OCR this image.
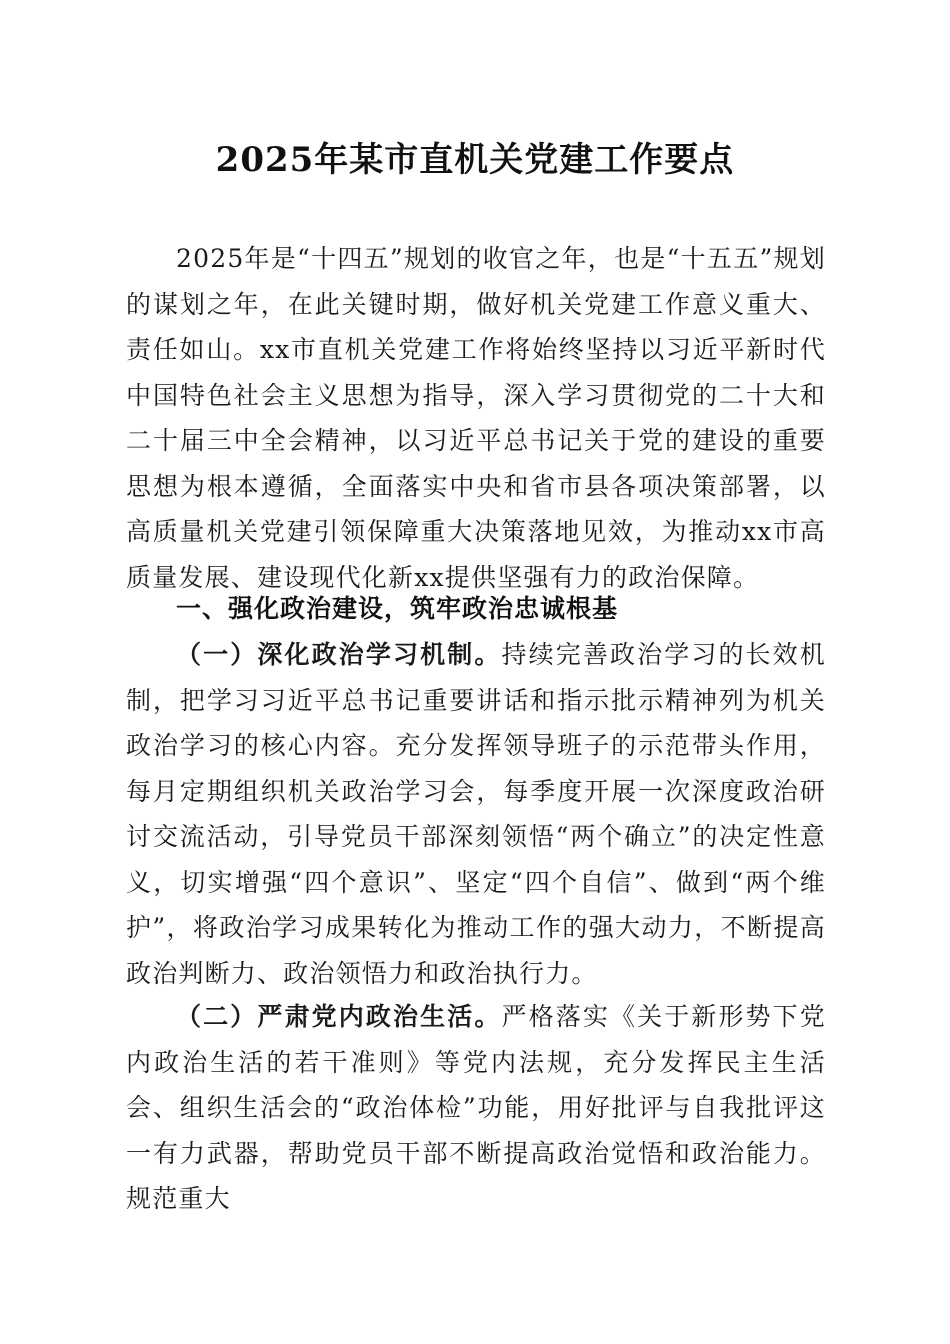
2025年某市直机关党建工作要点

2025年是“十四五”规划的收官之年，也是“十五五”规划的谋划之年，在此关键时期，做好机关党建工作意义重大、责任如山。xx市直机关党建工作将始终坚持以习近平新时代中国特色社会主义思想为指导，深入学习贯彻党的二十大和二十届三中全会精神，以习近平总书记关于党的建设的重要思想为根本遵循，全面落实中央和省市县各项决策部署，以高质量机关党建引领保障重大决策落地见效，为推动xx市高质量发展、建设现代化新xx提供坚强有力的政治保障。

一、强化政治建设，筑牢政治忠诚根基

（一）深化政治学习机制。持续完善政治学习的长效机制，把学习习近平总书记重要讲话和指示批示精神列为机关政治学习的核心内容。充分发挥领导班子的示范带头作用，每月定期组织机关政治学习会，每季度开展一次深度政治研讨交流活动，引导党员干部深刻领悟“两个确立”的决定性意义，切实增强“四个意识”、坚定“四个自信”、做到“两个维护”，将政治学习成果转化为推动工作的强大动力，不断提高政治判断力、政治领悟力和政治执行力。

（二）严肃党内政治生活。严格落实《关于新形势下党内政治生活的若干准则》等党内法规，充分发挥民主生活会、组织生活会的“政治体检”功能，用好批评与自我批评这一有力武器，帮助党员干部不断提高政治觉悟和政治能力。规范重大
